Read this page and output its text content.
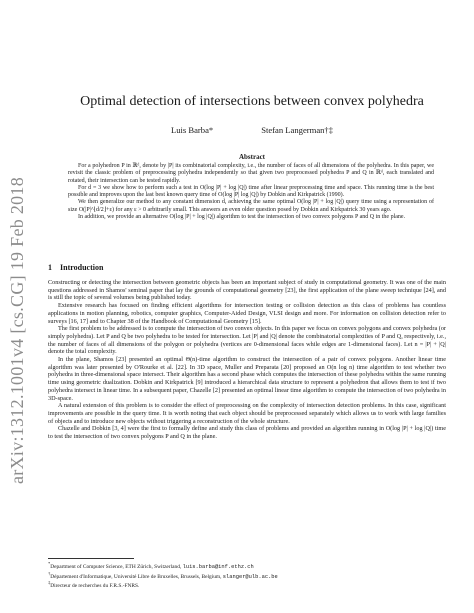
arXiv:1312.1001v4 [cs.CG] 19 Feb 2018
Optimal detection of intersections between convex polyhedra
Luis Barba*	Stefan Langerman†‡
Abstract

For a polyhedron P in ℝᵈ, denote by |P| its combinatorial complexity, i.e., the number of faces of all dimensions of the polyhedra. In this paper, we revisit the classic problem of preprocessing polyhedra independently so that given two preprocessed polyhedra P and Q in ℝᵈ, each translated and rotated, their intersection can be tested rapidly.

For d = 3 we show how to perform such a test in O(log |P| + log |Q|) time after linear preprocessing time and space. This running time is the best possible and improves upon the last best known query time of O(log |P| log |Q|) by Dobkin and Kirkpatrick (1990).

We then generalize our method to any constant dimension d, achieving the same optimal O(log |P| + log |Q|) query time using a representation of size O(|P|^⌊d/2⌋+ε) for any ε > 0 arbitrarily small. This answers an even older question posed by Dobkin and Kirkpatrick 30 years ago.

In addition, we provide an alternative O(log |P| + log |Q|) algorithm to test the intersection of two convex polygons P and Q in the plane.

1 Introduction

Constructing or detecting the intersection between geometric objects has been an important subject of study in computational geometry. It was one of the main questions addressed in Shamos' seminal paper that lay the grounds of computational geometry [23], the first application of the plane sweep technique [24], and is still the topic of several volumes being published today.

Extensive research has focused on finding efficient algorithms for intersection testing or collision detection as this class of problems has countless applications in motion planning, robotics, computer graphics, Computer-Aided Design, VLSI design and more. For information on collision detection refer to surveys [16, 17] and to Chapter 38 of the Handbook of Computational Geometry [15].

The first problem to be addressed is to compute the intersection of two convex objects. In this paper we focus on convex polygons and convex polyhedra (or simply polyhedra). Let P and Q be two polyhedra to be tested for intersection. Let |P| and |Q| denote the combinatorial complexities of P and Q, respectively, i.e., the number of faces of all dimensions of the polygon or polyhedra (vertices are 0-dimensional faces while edges are 1-dimensional faces). Let n = |P| + |Q| denote the total complexity.

In the plane, Shamos [23] presented an optimal Θ(n)-time algorithm to construct the intersection of a pair of convex polygons. Another linear time algorithm was later presented by O'Rourke et al. [22]. In 3D space, Muller and Preparata [20] proposed an O(n log n) time algorithm to test whether two polyhedra in three-dimensional space intersect. Their algorithm has a second phase which computes the intersection of these polyhedra within the same running time using geometric dualization. Dobkin and Kirkpatrick [9] introduced a hierarchical data structure to represent a polyhedron that allows them to test if two polyhedra intersect in linear time. In a subsequent paper, Chazelle [2] presented an optimal linear time algorithm to compute the intersection of two polyhedra in 3D-space.

A natural extension of this problem is to consider the effect of preprocessing on the complexity of intersection detection problems. In this case, significant improvements are possible in the query time. It is worth noting that each object should be preprocessed separately which allows us to work with large families of objects and to introduce new objects without triggering a reconstruction of the whole structure.

Chazelle and Dobkin [3, 4] were the first to formally define and study this class of problems and provided an algorithm running in O(log |P| + log |Q|) time to test the intersection of two convex polygons P and Q in the plane.

*Department of Computer Science, ETH Zürich, Switzerland, luis.barba@inf.ethz.ch
†Département d'Informatique, Université Libre de Bruxelles, Brussels, Belgium, slanger@ulb.ac.be
‡Directeur de recherches du F.R.S.-FNRS.
